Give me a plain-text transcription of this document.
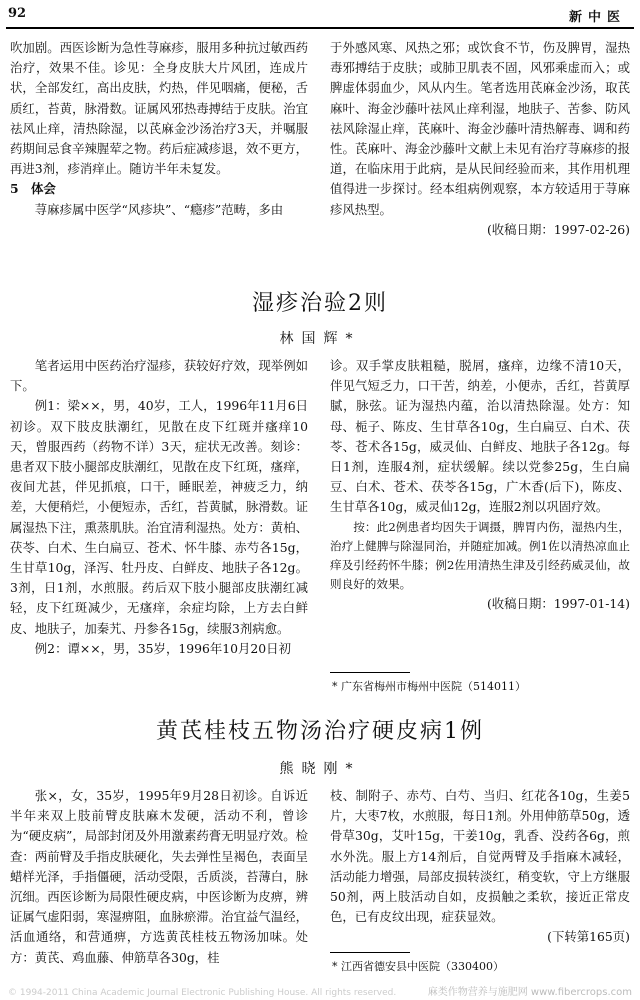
92	新中医

吹加剧。西医诊断为急性荨麻疹，服用多种抗过敏西药治疗，效果不佳。诊见：全身皮肤大片风团，连成片状，全部发红，高出皮肤，灼热，伴见咽痛，便秘，舌质红，苔黄，脉滑数。证属风邪热毒搏结于皮肤。治宜祛风止痒，清热除湿，以芪麻金沙汤治疗3天，并嘱服药期间忌食辛辣腥荤之物。药后症减疹退，效不更方，再进3剂，疹消痒止。随访半年未复发。

5　体会

荨麻疹属中医学“风疹块”、“瘾疹”范畴，多由

于外感风寒、风热之邪；或饮食不节，伤及脾胃，湿热毒邪搏结于皮肤；或肺卫肌表不固，风邪乘虚而入；或脾虚体弱血少，风从内生。笔者选用芪麻金沙汤，取芪麻叶、海金沙藤叶祛风止痒利湿，地肤子、苦参、防风祛风除湿止痒，芪麻叶、海金沙藤叶清热解毒、调和药性。芪麻叶、海金沙藤叶文献上未见有治疗荨麻疹的报道，在临床用于此病，是从民间经验而来，其作用机理值得进一步探讨。经本组病例观察，本方较适用于荨麻疹风热型。

(收稿日期：1997-02-26)

湿疹治验2则
林国辉*

笔者运用中医药治疗湿疹，获较好疗效，现举例如下。

例1：梁××，男，40岁，工人，1996年11月6日初诊。双下肢皮肤潮红，见散在皮下红斑并瘙痒10天，曾服西药（药物不详）3天，症状无改善。刻诊：患者双下肢小腿部皮肤潮红，见散在皮下红斑，瘙痒，夜间尤甚，伴见抓痕，口干，睡眠差，神疲乏力，纳差，大便稍烂，小便短赤，舌红，苔黄腻，脉滑数。证属湿热下注，熏蒸肌肤。治宜清利湿热。处方：黄柏、茯苓、白术、生白扁豆、苍术、怀牛膝、赤芍各15g，生甘草10g，泽泻、牡丹皮、白鲜皮、地肤子各12g。3剂，日1剂，水煎服。药后双下肢小腿部皮肤潮红减轻，皮下红斑减少，无瘙痒，余症均除，上方去白鲜皮、地肤子，加秦艽、丹参各15g，续服3剂病愈。

例2：谭××，男，35岁，1996年10月20日初

诊。双手掌皮肤粗糙，脱屑，瘙痒，边缘不清10天，伴见气短乏力，口干苦，纳差，小便赤，舌红，苔黄厚腻，脉弦。证为湿热内蕴，治以清热除湿。处方：知母、栀子、陈皮、生甘草各10g，生白扁豆、白术、茯苓、苍术各15g，威灵仙、白鲜皮、地肤子各12g。每日1剂，连服4剂，症状缓解。续以党参25g，生白扁豆、白术、苍术、茯苓各15g，广木香(后下)，陈皮、生甘草各10g，威灵仙12g，连服2剂以巩固疗效。

按：此2例患者均因失于调摄，脾胃内伤，湿热内生，治疗上健脾与除湿同治，并随症加减。例1佐以清热凉血止痒及引经药怀牛膝；例2佐用清热生津及引经药威灵仙，故则良好的效果。

(收稿日期：1997-01-14)

* 广东省梅州市梅州中医院（514011）
黄芪桂枝五物汤治疗硬皮病1例
熊晓刚*

张×，女，35岁，1995年9月28日初诊。自诉近半年来双上肢前臂皮肤麻木发硬，活动不利，曾诊为“硬皮病”，局部封闭及外用激素药膏无明显疗效。检查：两前臂及手指皮肤硬化，失去弹性呈褐色，表面呈蜡样光泽，手指僵硬，活动受限，舌质淡，苔薄白，脉沉细。西医诊断为局限性硬皮病，中医诊断为皮痹，辨证属气虚阳弱，寒湿痹阻，血脉瘀滞。治宜益气温经，活血通络，和营通痹，方选黄芪桂枝五物汤加味。处方：黄芪、鸡血藤、伸筋草各30g，桂

枝、制附子、赤芍、白芍、当归、红花各10g，生姜5片，大枣7枚，水煎服，每日1剂。外用伸筋草50g，透骨草30g，艾叶15g，干姜10g，乳香、没药各6g，煎水外洗。服上方14剂后，自觉两臂及手指麻木减轻，活动能力增强，局部皮损转淡红，稍变软，守上方继服50剂，两上肢活动自如，皮损触之柔软，接近正常皮色，已有皮纹出现，症获显效。

(下转第165页)

* 江西省德安县中医院（330400）
© 1994-2011 China Academic Journal Electronic Publishing House. All rights reserved.	麻类作物营养与施肥网 www.fibercrops.com
